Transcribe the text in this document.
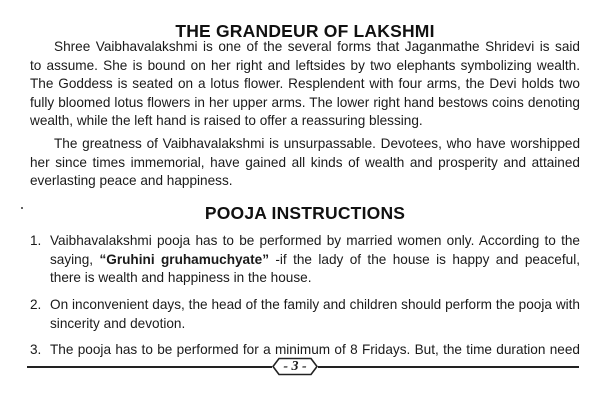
THE GRANDEUR OF LAKSHMI
Shree Vaibhavalakshmi is one of the several forms that Jaganmathe Shridevi is said
to assume. She is bound on her right and leftsides by two elephants symbolizing wealth.
The Goddess is seated on a lotus flower. Resplendent with four arms, the Devi holds two
fully bloomed lotus flowers in her upper arms. The lower right hand bestows coins denoting
wealth, while the left hand is raised to offer a reassuring blessing.
The greatness of Vaibhavalakshmi is unsurpassable. Devotees, who have worshipped
her since times immemorial, have gained all kinds of wealth and prosperity and attained
everlasting peace and happiness.
POOJA INSTRUCTIONS
1. Vaibhavalakshmi pooja has to be performed by married women only. According to the
saying, “Gruhini gruhamuchyate” -if the lady of the house is happy and peaceful,
there is wealth and happiness in the house.
2. On inconvenient days, the head of the family and children should perform the pooja with
sincerity and devotion.
3. The pooja has to be performed for a minimum of 8 Fridays. But, the time duration need
- 3 -
